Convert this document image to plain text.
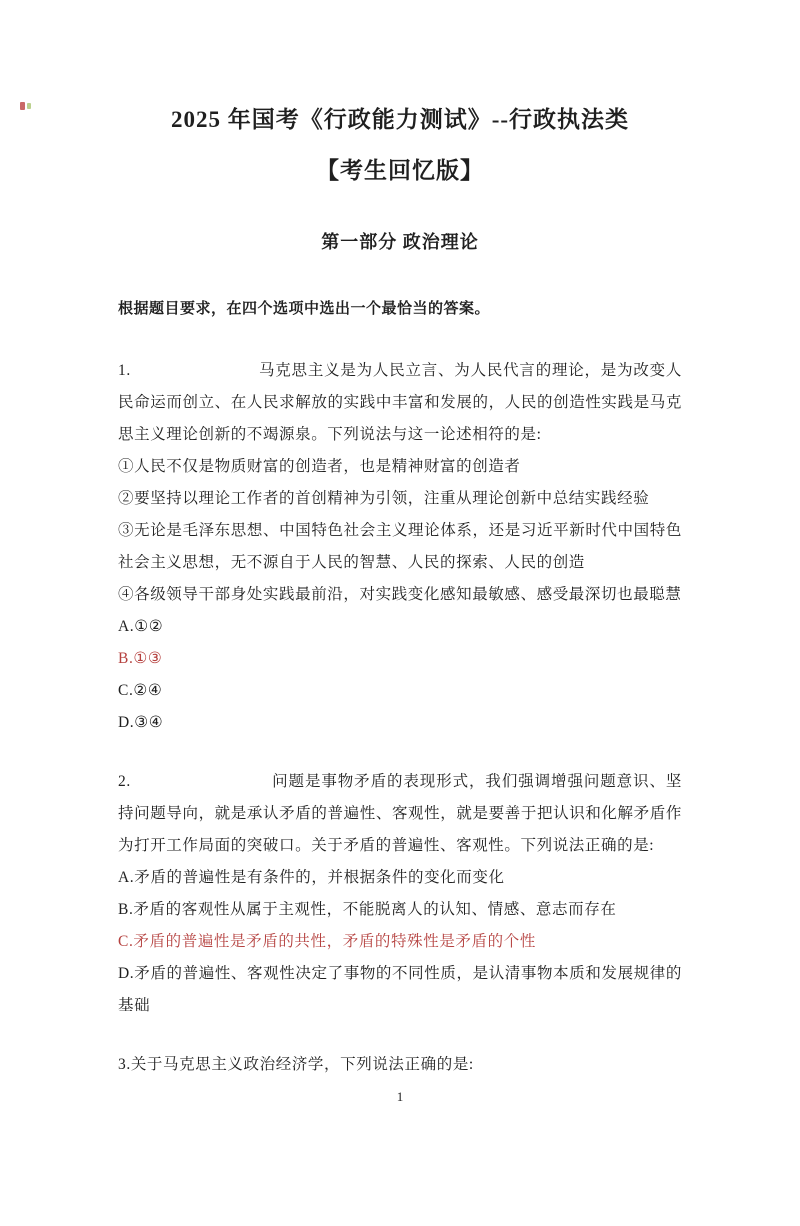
2025 年国考《行政能力测试》--行政执法类
【考生回忆版】
第一部分 政治理论
根据题目要求，在四个选项中选出一个最恰当的答案。

1.	马克思主义是为人民立言、为人民代言的理论，是为改变人民命运而创立、在人民求解放的实践中丰富和发展的，人民的创造性实践是马克思主义理论创新的不竭源泉。下列说法与这一论述相符的是:

①人民不仅是物质财富的创造者，也是精神财富的创造者

②要坚持以理论工作者的首创精神为引领，注重从理论创新中总结实践经验

③无论是毛泽东思想、中国特色社会主义理论体系，还是习近平新时代中国特色社会主义思想，无不源自于人民的智慧、人民的探索、人民的创造

④各级领导干部身处实践最前沿，对实践变化感知最敏感、感受最深切也最聪慧

A.①②

B.①③

C.②④

D.③④

2.	问题是事物矛盾的表现形式，我们强调增强问题意识、坚持问题导向，就是承认矛盾的普遍性、客观性，就是要善于把认识和化解矛盾作为打开工作局面的突破口。关于矛盾的普遍性、客观性。下列说法正确的是:

A.矛盾的普遍性是有条件的，并根据条件的变化而变化

B.矛盾的客观性从属于主观性，不能脱离人的认知、情感、意志而存在

C.矛盾的普遍性是矛盾的共性，矛盾的特殊性是矛盾的个性

D.矛盾的普遍性、客观性决定了事物的不同性质，是认清事物本质和发展规律的基础

3.关于马克思主义政治经济学，下列说法正确的是:

1
